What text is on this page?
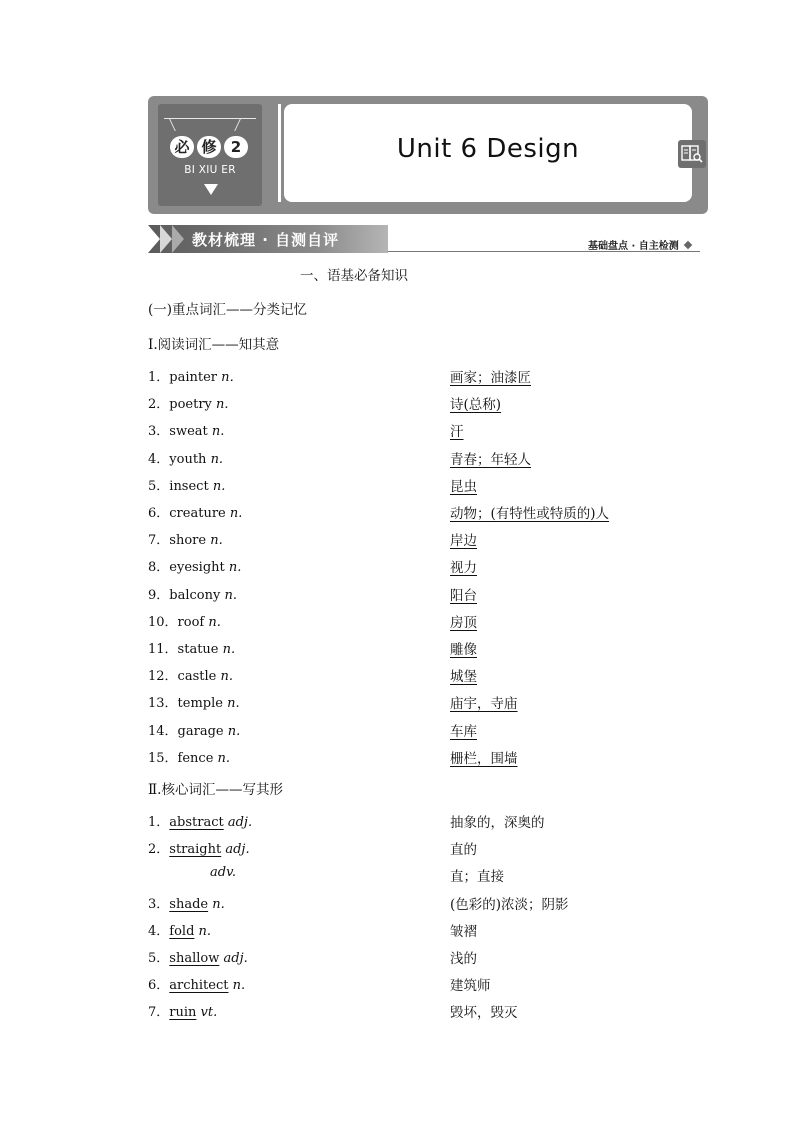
必 修 2
BI XIU ER
Unit 6 Design
教材梳理 · 自测自评	基础盘点 · 自主检测
一、语基必备知识
(一)重点词汇——分类记忆
Ⅰ.阅读词汇——知其意
1．painter n．	画家；油漆匠
2．poetry n.	诗(总称)
3．sweat n.	汗
4．youth n.	青春；年轻人
5．insect n.	昆虫
6．creature n.	动物；(有特性或特质的)人
7．shore n.	岸边
8．eyesight n.	视力
9．balcony n.	阳台
10．roof n.	房顶
11．statue n.	雕像
12．castle n.	城堡
13．temple n.	庙宇，寺庙
14．garage n.	车库
15．fence n.	栅栏，围墙
Ⅱ.核心词汇——写其形
1．abstract adj.	抽象的，深奥的
2．straight adj.	直的
adv.	直；直接
3．shade n.	(色彩的)浓淡；阴影
4．fold n.	皱褶
5．shallow adj.	浅的
6．architect n.	建筑师
7．ruin vt.	毁坏，毁灭
